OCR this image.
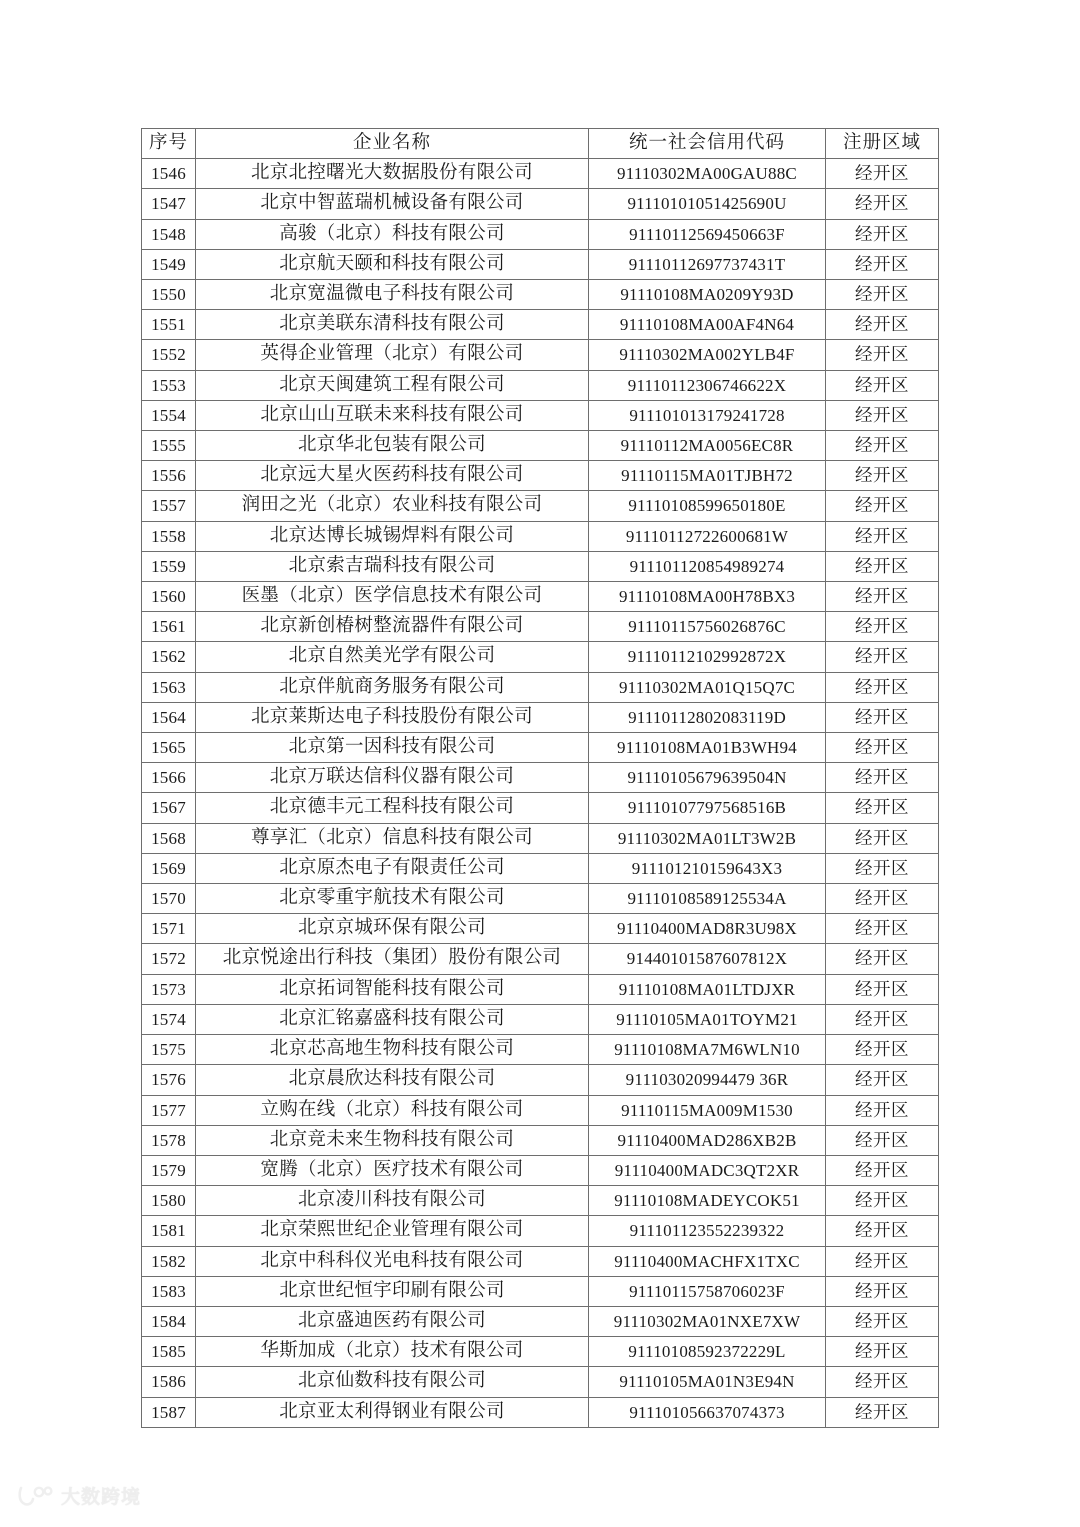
序号	企业名称	统一社会信用代码	注册区域
1546	北京北控曙光大数据股份有限公司	91110302MA00GAU88C	经开区
1547	北京中智蓝瑞机械设备有限公司	91110101051425690U	经开区
1548	高骏（北京）科技有限公司	91110112569450663F	经开区
1549	北京航天颐和科技有限公司	91110112697737431T	经开区
1550	北京宽温微电子科技有限公司	91110108MA0209Y93D	经开区
1551	北京美联东清科技有限公司	91110108MA00AF4N64	经开区
1552	英得企业管理（北京）有限公司	91110302MA002YLB4F	经开区
1553	北京天闽建筑工程有限公司	91110112306746622X	经开区
1554	北京山山互联未来科技有限公司	911101013179241728	经开区
1555	北京华北包装有限公司	91110112MA0056EC8R	经开区
1556	北京远大星火医药科技有限公司	91110115MA01TJBH72	经开区
1557	润田之光（北京）农业科技有限公司	91110108599650180E	经开区
1558	北京达博长城锡焊料有限公司	91110112722600681W	经开区
1559	北京索吉瑞科技有限公司	911101120854989274	经开区
1560	医墨（北京）医学信息技术有限公司	91110108MA00H78BX3	经开区
1561	北京新创椿树整流器件有限公司	91110115756026876C	经开区
1562	北京自然美光学有限公司	91110112102992872X	经开区
1563	北京伴航商务服务有限公司	91110302MA01Q15Q7C	经开区
1564	北京莱斯达电子科技股份有限公司	91110112802083119D	经开区
1565	北京第一因科技有限公司	91110108MA01B3WH94	经开区
1566	北京万联达信科仪器有限公司	91110105679639504N	经开区
1567	北京德丰元工程科技有限公司	91110107797568516B	经开区
1568	尊享汇（北京）信息科技有限公司	91110302MA01LT3W2B	经开区
1569	北京原杰电子有限责任公司	911101210159643X3	经开区
1570	北京零重宇航技术有限公司	91110108589125534A	经开区
1571	北京京城环保有限公司	91110400MAD8R3U98X	经开区
1572	北京悦途出行科技（集团）股份有限公司	91440101587607812X	经开区
1573	北京拓词智能科技有限公司	91110108MA01LTDJXR	经开区
1574	北京汇铭嘉盛科技有限公司	91110105MA01TOYM21	经开区
1575	北京芯高地生物科技有限公司	91110108MA7M6WLN10	经开区
1576	北京晨欣达科技有限公司	911103020994479 36R	经开区
1577	立购在线（北京）科技有限公司	91110115MA009M1530	经开区
1578	北京竞未来生物科技有限公司	91110400MAD286XB2B	经开区
1579	宽腾（北京）医疗技术有限公司	91110400MADC3QT2XR	经开区
1580	北京凌川科技有限公司	91110108MADEYCOK51	经开区
1581	北京荣熙世纪企业管理有限公司	911101123552239322	经开区
1582	北京中科科仪光电科技有限公司	91110400MACHFX1TXC	经开区
1583	北京世纪恒宇印刷有限公司	91110115758706023F	经开区
1584	北京盛迪医药有限公司	91110302MA01NXE7XW	经开区
1585	华斯加成（北京）技术有限公司	91110108592372229L	经开区
1586	北京仙数科技有限公司	91110105MA01N3E94N	经开区
1587	北京亚太利得钢业有限公司	911101056637074373	经开区
大数跨境
